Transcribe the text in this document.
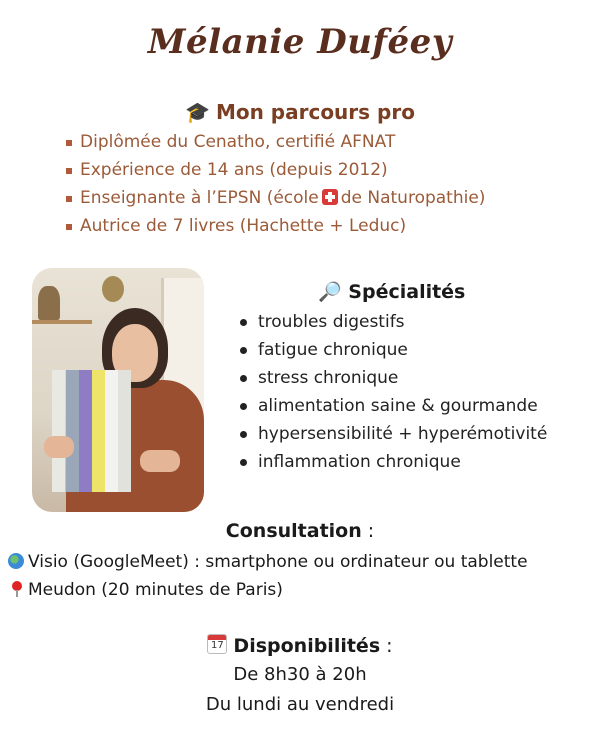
Mélanie Duféey
🎓 Mon parcours pro
Diplômée du Cenatho, certifié AFNAT
Expérience de 14 ans (depuis 2012)
Enseignante à l’EPSN (école de Naturopathie)
Autrice de 7 livres (Hachette + Leduc)
🔎 Spécialités
troubles digestifs
fatigue chronique
stress chronique
alimentation saine & gourmande
hypersensibilité + hyperémotivité
inflammation chronique
Consultation :
Visio (GoogleMeet) : smartphone ou ordinateur ou tablette
Meudon (20 minutes de Paris)
17 Disponibilités :
De 8h30 à 20h
Du lundi au vendredi
